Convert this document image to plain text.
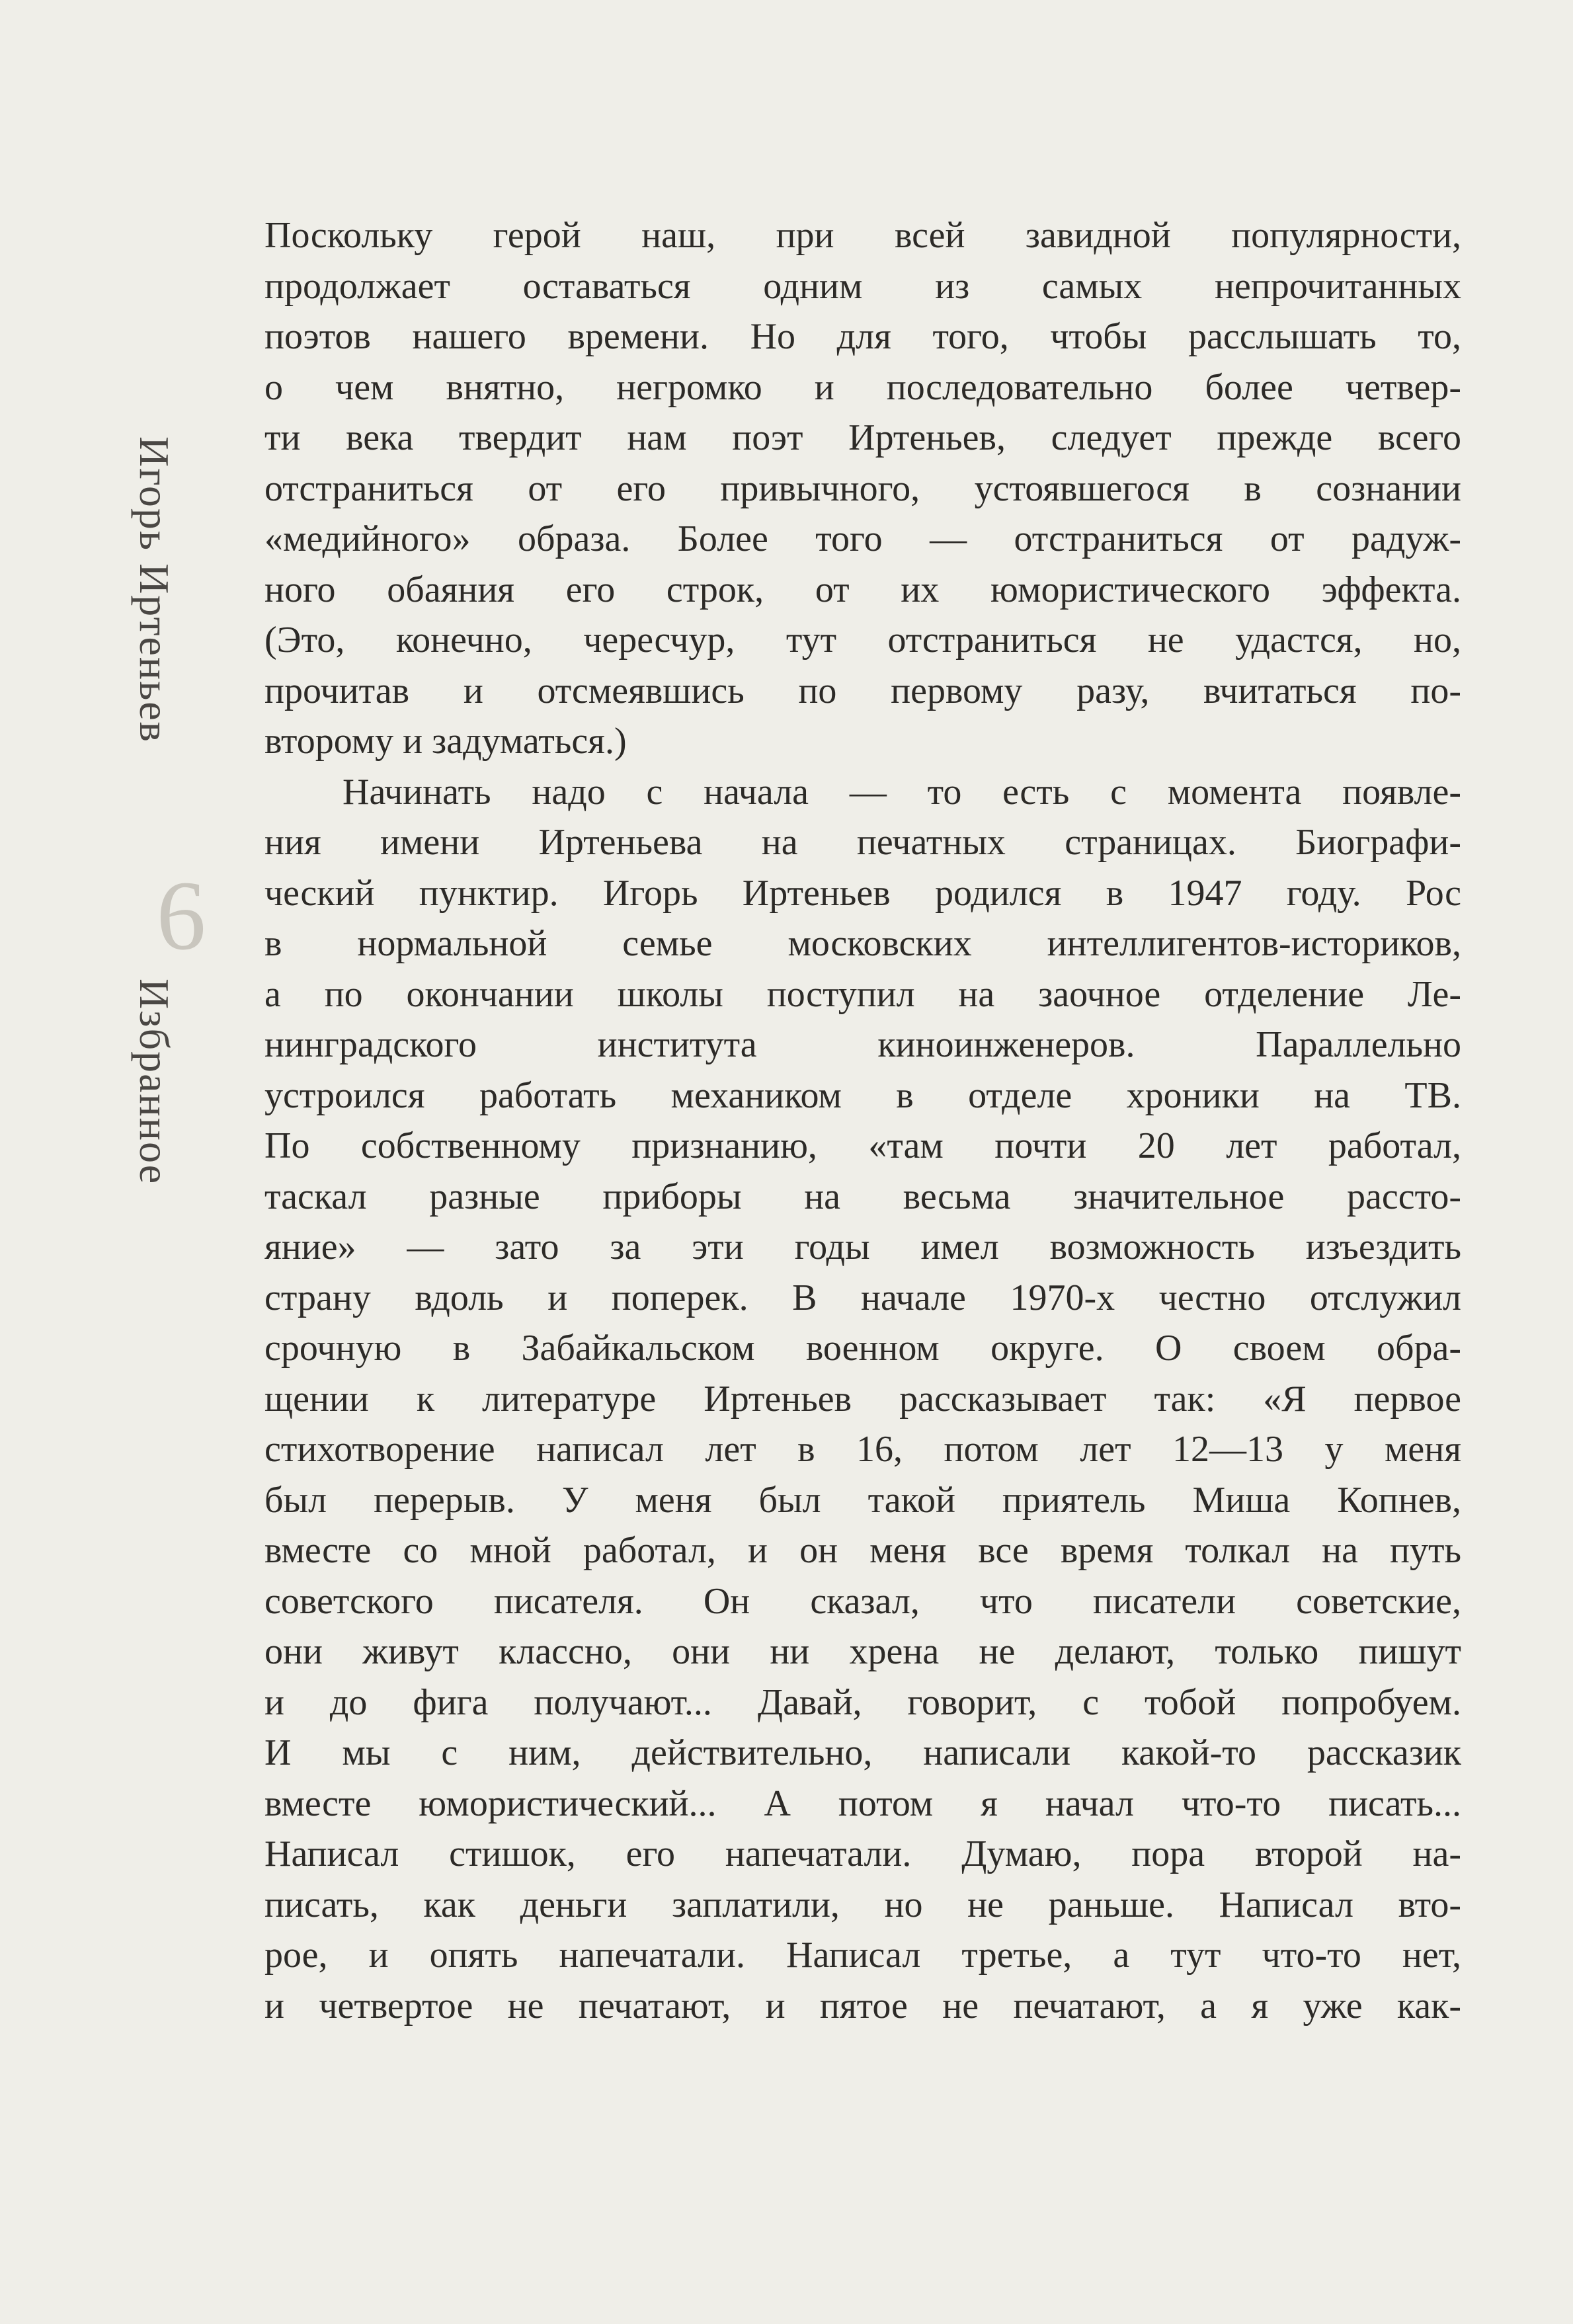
Игорь Иртеньев
6
Избранное
Поскольку герой наш, при всей завидной популярности,
продолжает оставаться одним из самых непрочитанных
поэтов нашего времени. Но для того, чтобы расслышать то,
о чем внятно, негромко и последовательно более четвер-
ти века твердит нам поэт Иртеньев, следует прежде всего
отстраниться от его привычного, устоявшегося в сознании
«медийного» образа. Более того — отстраниться от радуж-
ного обаяния его строк, от их юмористического эффекта.
(Это, конечно, чересчур, тут отстраниться не удастся, но,
прочитав и отсмеявшись по первому разу, вчитаться по-
второму и задуматься.)
Начинать надо с начала — то есть с момента появле-
ния имени Иртеньева на печатных страницах. Биографи-
ческий пунктир. Игорь Иртеньев родился в 1947 году. Рос
в нормальной семье московских интеллигентов-историков,
а по окончании школы поступил на заочное отделение Ле-
нинградского института киноинженеров. Параллельно
устроился работать механиком в отделе хроники на ТВ.
По собственному признанию, «там почти 20 лет работал,
таскал разные приборы на весьма значительное рассто-
яние» — зато за эти годы имел возможность изъездить
страну вдоль и поперек. В начале 1970-х честно отслужил
срочную в Забайкальском военном округе. О своем обра-
щении к литературе Иртеньев рассказывает так: «Я первое
стихотворение написал лет в 16, потом лет 12—13 у меня
был перерыв. У меня был такой приятель Миша Копнев,
вместе со мной работал, и он меня все время толкал на путь
советского писателя. Он сказал, что писатели советские,
они живут классно, они ни хрена не делают, только пишут
и до фига получают... Давай, говорит, с тобой попробуем.
И мы с ним, действительно, написали какой-то рассказик
вместе юмористический... А потом я начал что-то писать...
Написал стишок, его напечатали. Думаю, пора второй на-
писать, как деньги заплатили, но не раньше. Написал вто-
рое, и опять напечатали. Написал третье, а тут что-то нет,
и четвертое не печатают, и пятое не печатают, а я уже как-
